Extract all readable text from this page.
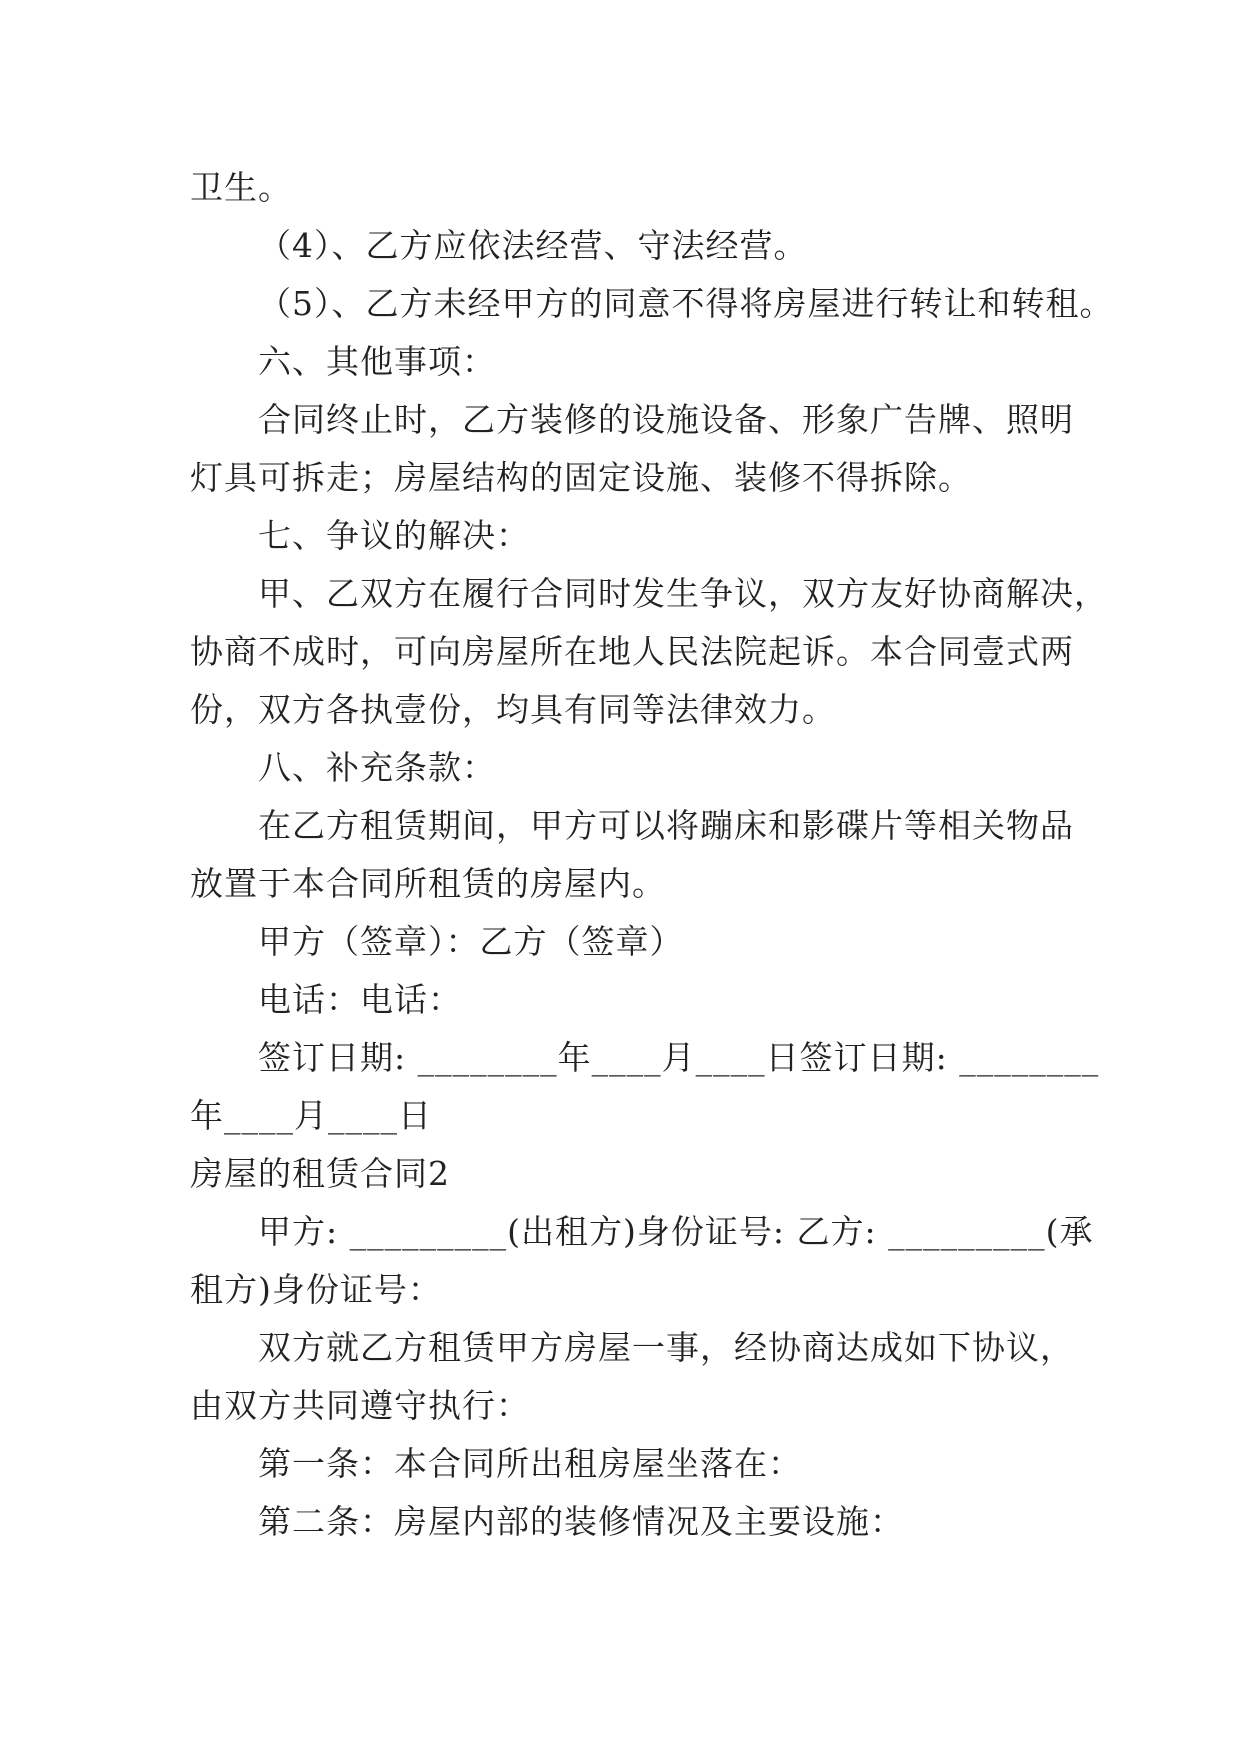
卫生。
（4）、乙方应依法经营、守法经营。
（5）、乙方未经甲方的同意不得将房屋进行转让和转租。
六、其他事项：
合同终止时，乙方装修的设施设备、形象广告牌、照明
灯具可拆走；房屋结构的固定设施、装修不得拆除。
七、争议的解决：
甲、乙双方在履行合同时发生争议，双方友好协商解决，
协商不成时，可向房屋所在地人民法院起诉。本合同壹式两
份，双方各执壹份，均具有同等法律效力。
八、补充条款：
在乙方租赁期间，甲方可以将蹦床和影碟片等相关物品
放置于本合同所租赁的房屋内。
甲方（签章）：乙方（签章）
电话：电话：
签订日期: ________年____月____日签订日期: ________
年____月____日
房屋的租赁合同2
甲方: _________(出租方)身份证号: 乙方: _________(承
租方)身份证号：
双方就乙方租赁甲方房屋一事，经协商达成如下协议，
由双方共同遵守执行：
第一条：本合同所出租房屋坐落在：
第二条：房屋内部的装修情况及主要设施：
